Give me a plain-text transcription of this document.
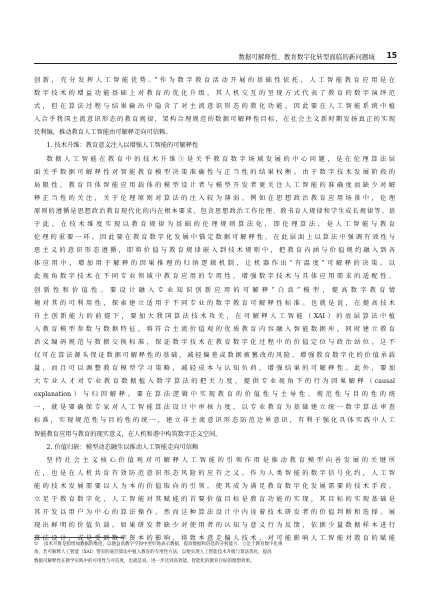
数据可解释性、教育数字化转型面临的新问题域 15

创新，充分发挥人工智能优势。”作为数字教育活动开展的基础性依托，人工智能教育应用是在

数字技术的增益功能基础上对教育的优化升级，其人机交互的呈现方式代表了教育的数字演绎范

式，但在算法过程与结果输出中隐含了对主流意识形态的教化功能。因此要在人工智能系统中植

入合乎我国主流意识形态的教育规律，架构合理规范的数据可解释性目标，在社会主义新时期发扬真正的实现

民利编，推动教育人工智能由可解释走向可信赖。

1. 技术升维：教育意义注入以增强人工智能的可解释性

数据人工智能在教育中的技术升维①是关乎教育数字场域发展的中心问题，是在伦理算法层

面关乎数据可解释性对智能教育模型决策准确性与正当性的结果权衡。由于数字技术发展阶段的

局限性，教育具体智能应用载体的模型设计者与模型开发者更关注人工智能的准确度而缺少对解

释正当性的关注，关于伦理原则对算法的注入较为薄弱。例如在思想政治教育应用场景中，伦理

原则的遵循是思想政治教育现代化的内在根本要求，包含思想政治工作伦理、教书育人规律和学生成长规律等。基

于此，在技术维度实现以教育规律为基础的伦理规则算法化，即伦理算法，是人工智能与教育

伦理的重要一环。因此要在教育数字化发展中锚定数据可解释性，在此层面上以算法中强调有效性与

思主义的意识形态遵循，即将价值与教育规律嵌入到技术规则中，把教育内涵与价值规约融入到各

体应用中，增加用于解释的因果推理的归纳逻辑机制，让机器作出“有温度”可解释的决策。以

此视角数字技术在不同专业领域中教育应用的专用性，增强数字技术与具体应用需求的适配性、

创新性和价值性。要设计融入专业知识创新应用的可解释“白盒”模型，提高数字教育情

境对其的可利用性，探索建立适用于不同专业的数字教育可解释性标准。也就是说，在提高技术

自主创新能力的前提下，要加大我国算法技术攻关，在可解释人工智能（XAI）的底层算法中植

入教育模型参数与数据特征，将符合主流价值观的优质教育内容融入智能数据库，同时建立教育

语义编码规范与数据交换标准，保证数字技术在教育数字化过程中的价值定位与政治站位。这不

仅可在算法源头保证数据可解释性的基础，减轻偏差或数据被篡改的风险，增强教育数字化的价值承载

量，而且可以调整教育模型学习策略，减轻成本与认知负荷，增强结果的可解释性。此外，要加

大专业人才对专业教育数据植入数字算法的把关力度，提供专业视角下的行为因果解释（causal

explanation）与归因解释。要在算法逻辑中实现教育的价值性与主导性、规范性与目的性的统

一，就是要确保专家对人工智能算法设计中审核力度，以专业教育为基础建立统一数字算法审查

标准，实现规范性与目的性的统一，建立非主流意识形态防范边界意识，有利于强化具体实践中人工

智能教育应用与教育的现实意义，在人机和谐中构筑数字正义空间。

2. 价值归嵌：模型动态融生以推动人工智能走向可信赖

坚持社会主义核心价值观对可解释人工智能的引领作用是推动教育模型向善发展的关键所

在，也是在人机共育有效防范意识形态风险的应有之义。作为人类智能的数字信号化约，人工智

能的技术发展需要以人为本的价值取向的引领，使其成为满足教育数字化发展需要的技术手段。

立足于教育数字化，人工智能对其赋能的首要价值目标是教育功能的实现，其目标的实现基础是

其开发以用户为中心的算法操作。然而这种算法设计中内诠着技术研发者的价值判断和选择，展

现出鲜明的价值负载。如果研发者缺少对使用者的认知与意义行为反馈，依据少量数据样本进行

算法设计，或是受到数字资本的影响，将致本意走偏人技术，对可能影响人工智能对教育的赋能

① 技术升维是指增加数据的维度，以便益高数字空间中更好地表示数据，提高数据和信息的分析能力，立足于教育数字化视
角，若可解释人工智能（XAI）带有的底层算法中植入教育的专用性方法，以便实现人工智能技术升级与算法优化，提高
数据可解释性在教学实践中的可用性与可信度，也就是说，进一步达到高效能、智能化的教育目标的理想效果。
